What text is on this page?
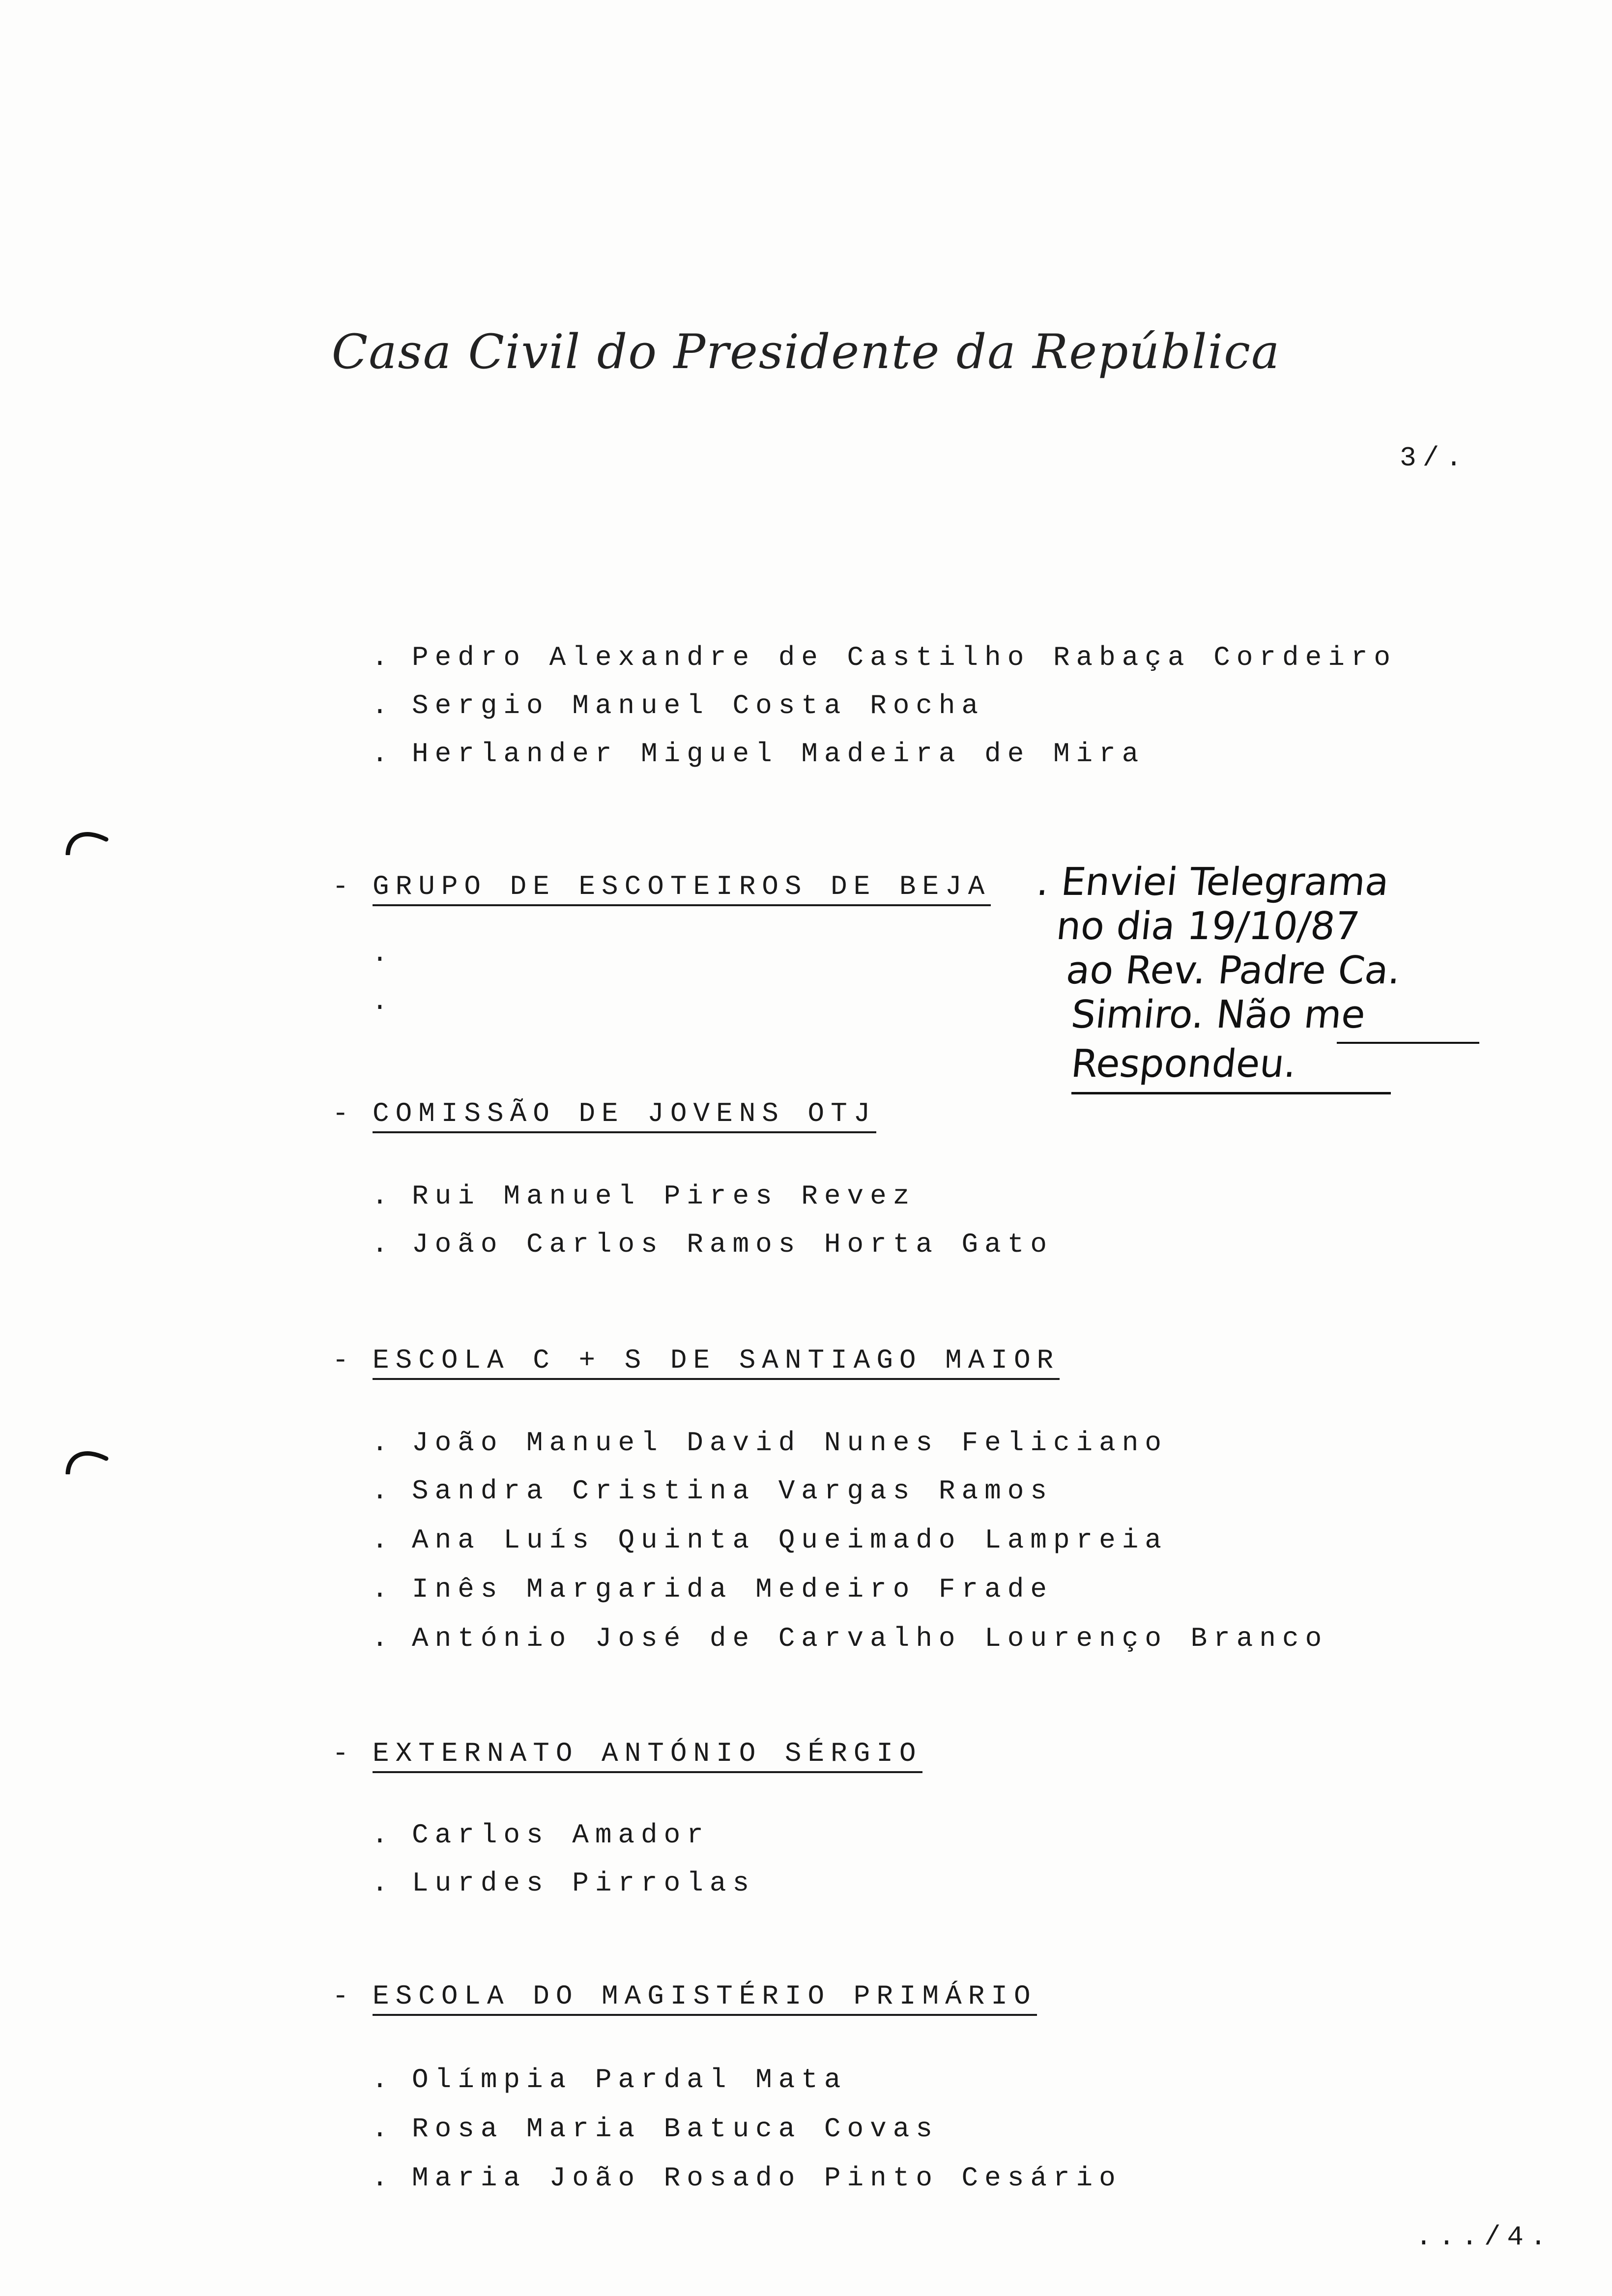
Casa Civil do Presidente da República
3/.
. Pedro Alexandre de Castilho Rabaça Cordeiro
. Sergio Manuel Costa Rocha
. Herlander Miguel Madeira de Mira
- GRUPO DE ESCOTEIROS DE BEJA
.
.
- COMISSÃO DE JOVENS OTJ
. Rui Manuel Pires Revez
. João Carlos Ramos Horta Gato
- ESCOLA C + S DE SANTIAGO MAIOR
. João Manuel David Nunes Feliciano
. Sandra Cristina Vargas Ramos
. Ana Luís Quinta Queimado Lampreia
. Inês Margarida Medeiro Frade
. António José de Carvalho Lourenço Branco
- EXTERNATO ANTÓNIO SÉRGIO
. Carlos Amador
. Lurdes Pirrolas
- ESCOLA DO MAGISTÉRIO PRIMÁRIO
. Olímpia Pardal Mata
. Rosa Maria Batuca Covas
. Maria João Rosado Pinto Cesário
. Enviei Telegrama
no dia 19/10/87
ao Rev. Padre Ca.
Simiro. Não me
Respondeu.
.../4.
